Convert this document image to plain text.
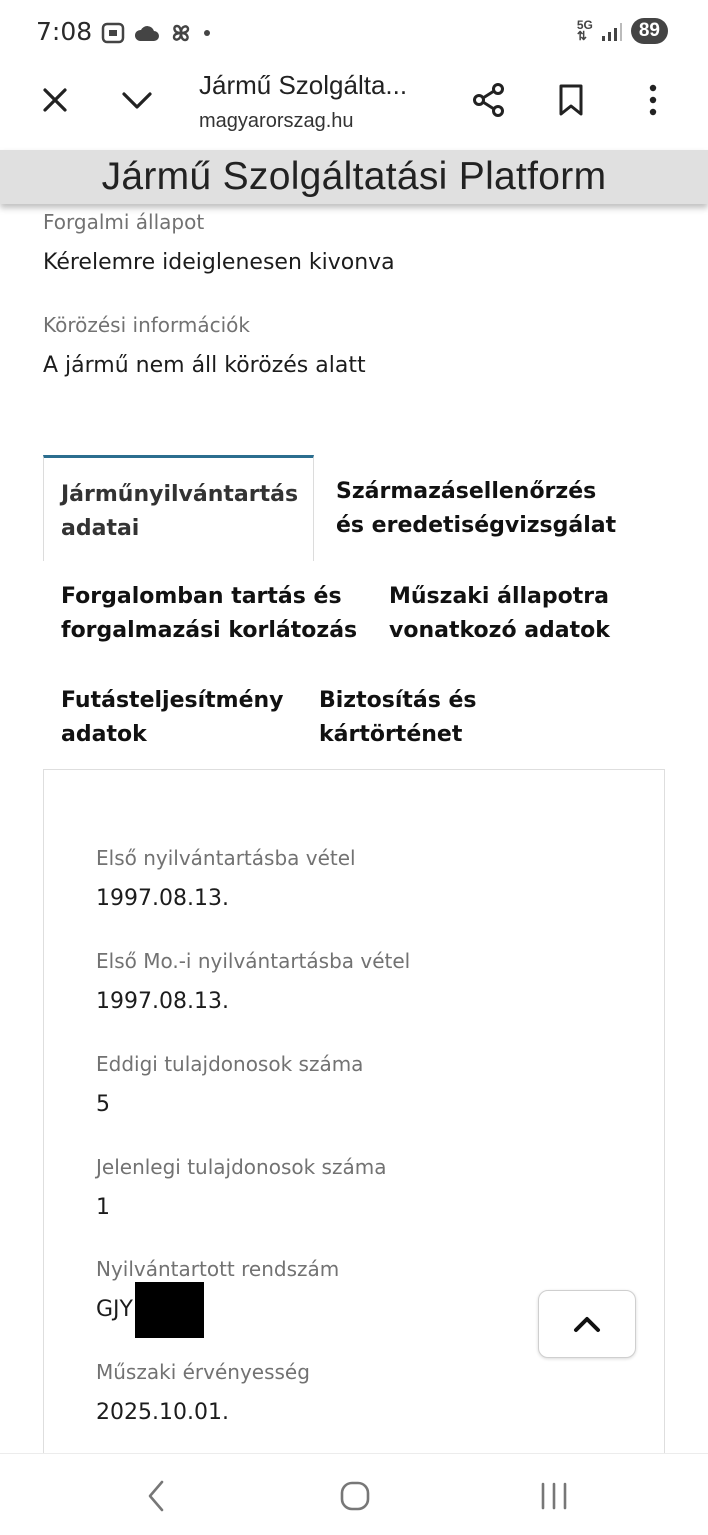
7:08	5G
⇅	89
Jármű Szolgálta...
magyarorszag.hu
Jármű Szolgáltatási Platform
Forgalmi állapot
Kérelemre ideiglenesen kivonva
Körözési információk
A jármű nem áll körözés alatt
Járműnyilvántartás
adatai
Származásellenőrzés
és eredetiségvizsgálat
Forgalomban tartás és
forgalmazási korlátozás
Műszaki állapotra
vonatkozó adatok
Futásteljesítmény
adatok
Biztosítás és
kártörténet
Első nyilvántartásba vétel
1997.08.13.
Első Mo.-i nyilvántartásba vétel
1997.08.13.
Eddigi tulajdonosok száma
5
Jelenlegi tulajdonosok száma
1
Nyilvántartott rendszám
GJY
Műszaki érvényesség
2025.10.01.
